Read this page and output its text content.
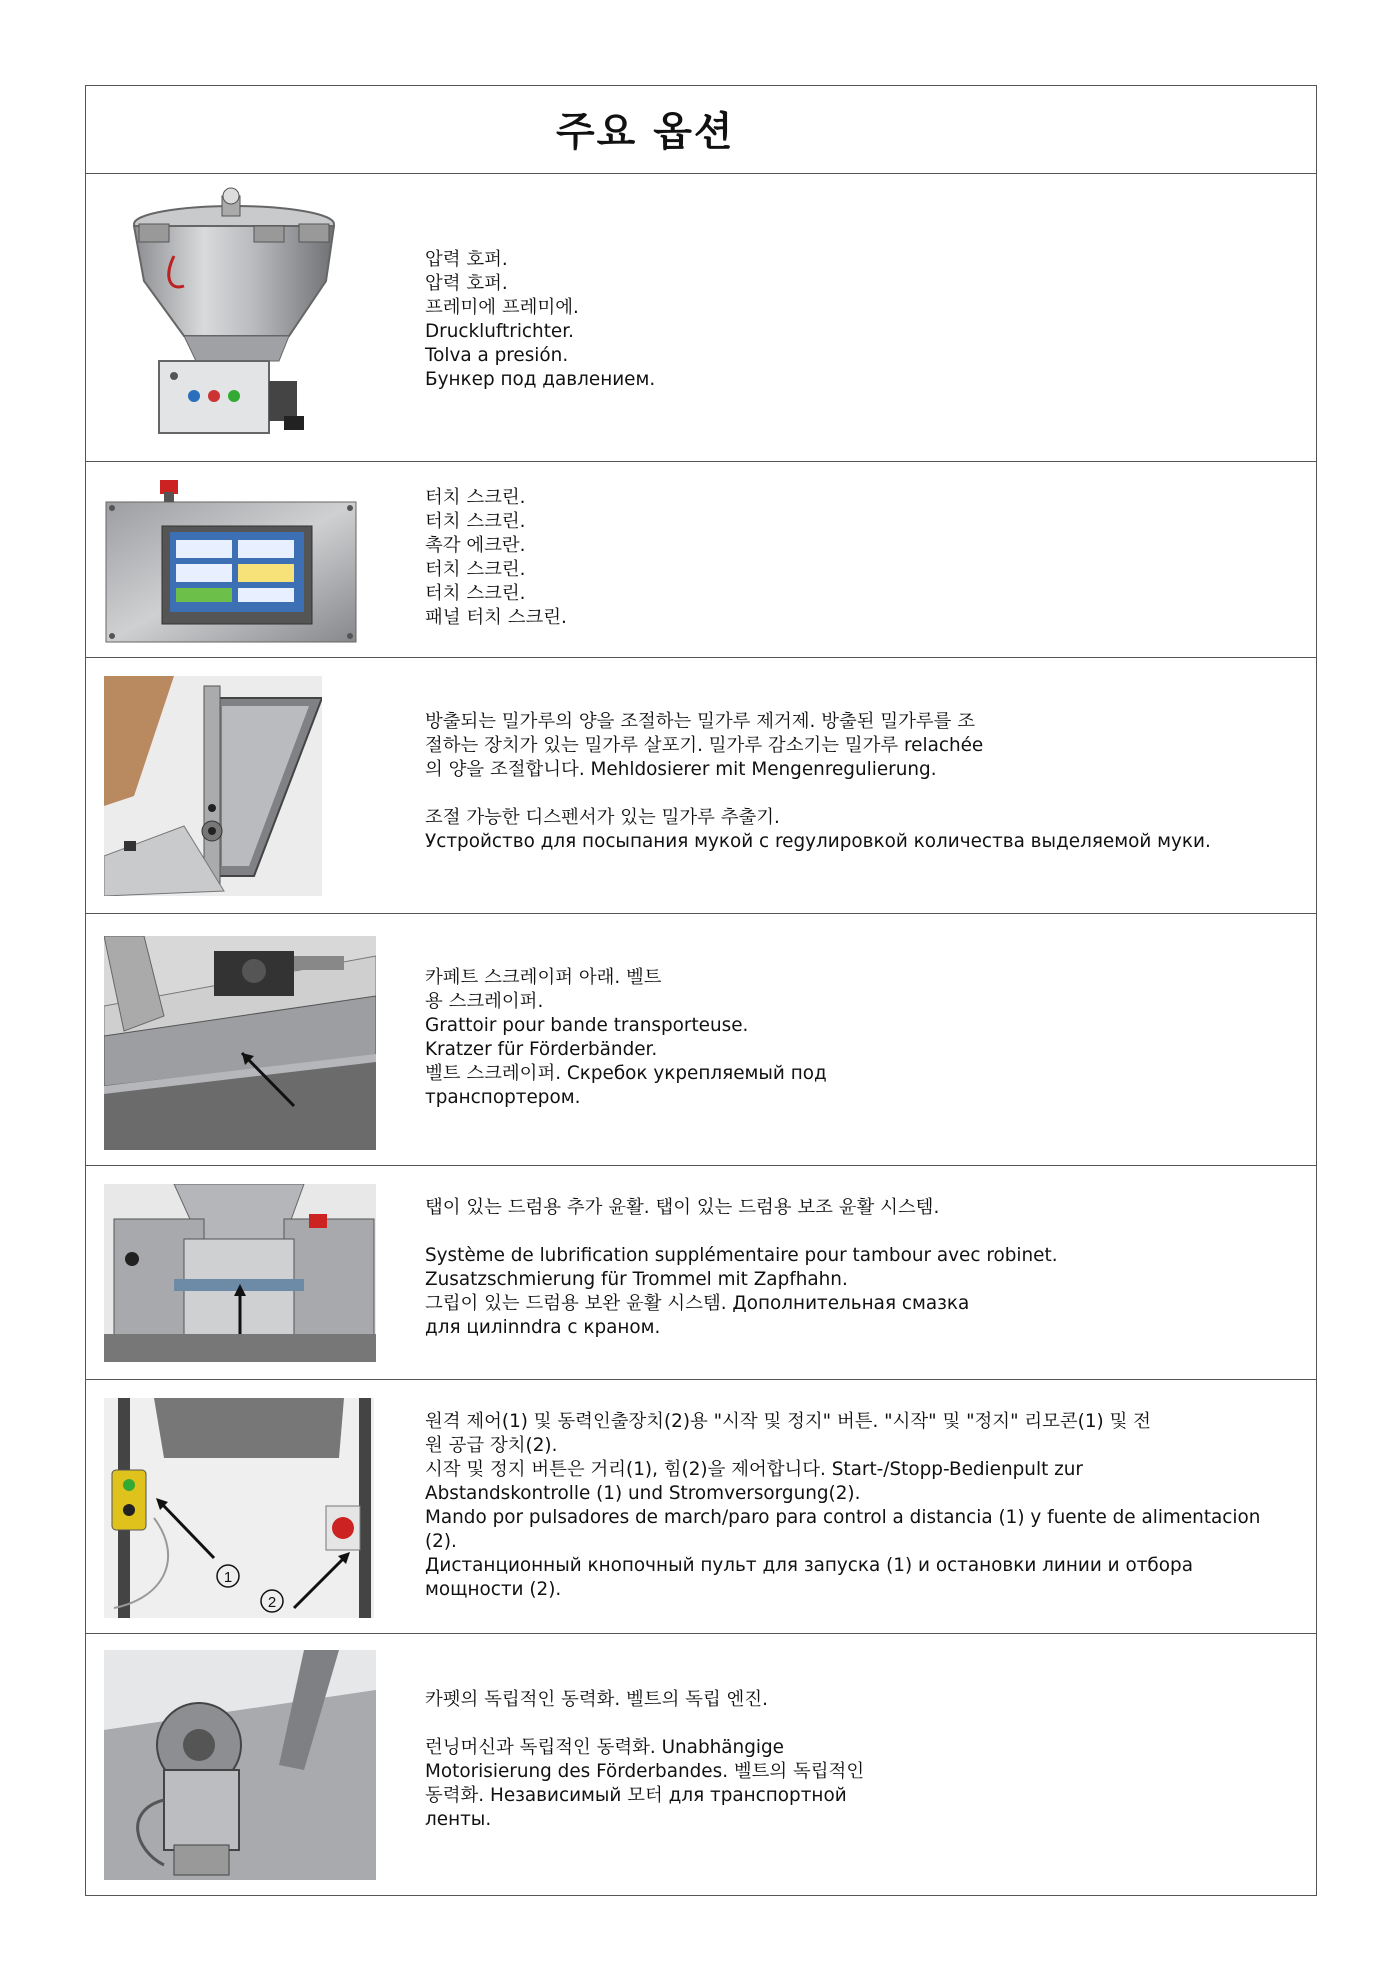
주요 옵션
압력 호퍼.
압력 호퍼.
프레미에 프레미에.
Druckluftrichter.
Tolva a presión.
Бункер под давлением.
터치 스크린.
터치 스크린.
촉각 에크란.
터치 스크린.
터치 스크린.
패널 터치 스크린.
방출되는 밀가루의 양을 조절하는 밀가루 제거제. 방출된 밀가루를 조
절하는 장치가 있는 밀가루 살포기. 밀가루 감소기는 밀가루 relachée
의 양을 조절합니다. Mehldosierer mit Mengenregulierung.
조절 가능한 디스펜서가 있는 밀가루 추출기.
Устройство для посыпания мукой с regулировкой количества выделяемой муки.
카페트 스크레이퍼 아래. 벨트
용 스크레이퍼.
Grattoir pour bande transporteuse.
Kratzer für Förderbänder.
벨트 스크레이퍼. Скребок укрепляемый под
транспортером.
탭이 있는 드럼용 추가 윤활. 탭이 있는 드럼용 보조 윤활 시스템.
Système de lubrification supplémentaire pour tambour avec robinet.
Zusatzschmierung für Trommel mit Zapfhahn.
그립이 있는 드럼용 보완 윤활 시스템. Дополнительная смазка
для цилinndra с краном.
1
2
원격 제어(1) 및 동력인출장치(2)용 "시작 및 정지" 버튼. "시작" 및 "정지" 리모콘(1) 및 전
원 공급 장치(2).
시작 및 정지 버튼은 거리(1), 힘(2)을 제어합니다. Start-/Stopp-Bedienpult zur
Abstandskontrolle (1) und Stromversorgung(2).
Mando por pulsadores de march/paro para control a distancia (1) y fuente de alimentacion
(2).
Дистанционный кнопочный пульт для запуска (1) и остановки линии и отбора
мощности (2).
카펫의 독립적인 동력화. 벨트의 독립 엔진.
런닝머신과 독립적인 동력화. Unabhängige
Motorisierung des Förderbandes. 벨트의 독립적인
동력화. Независимый 모터 для транспортной
ленты.
